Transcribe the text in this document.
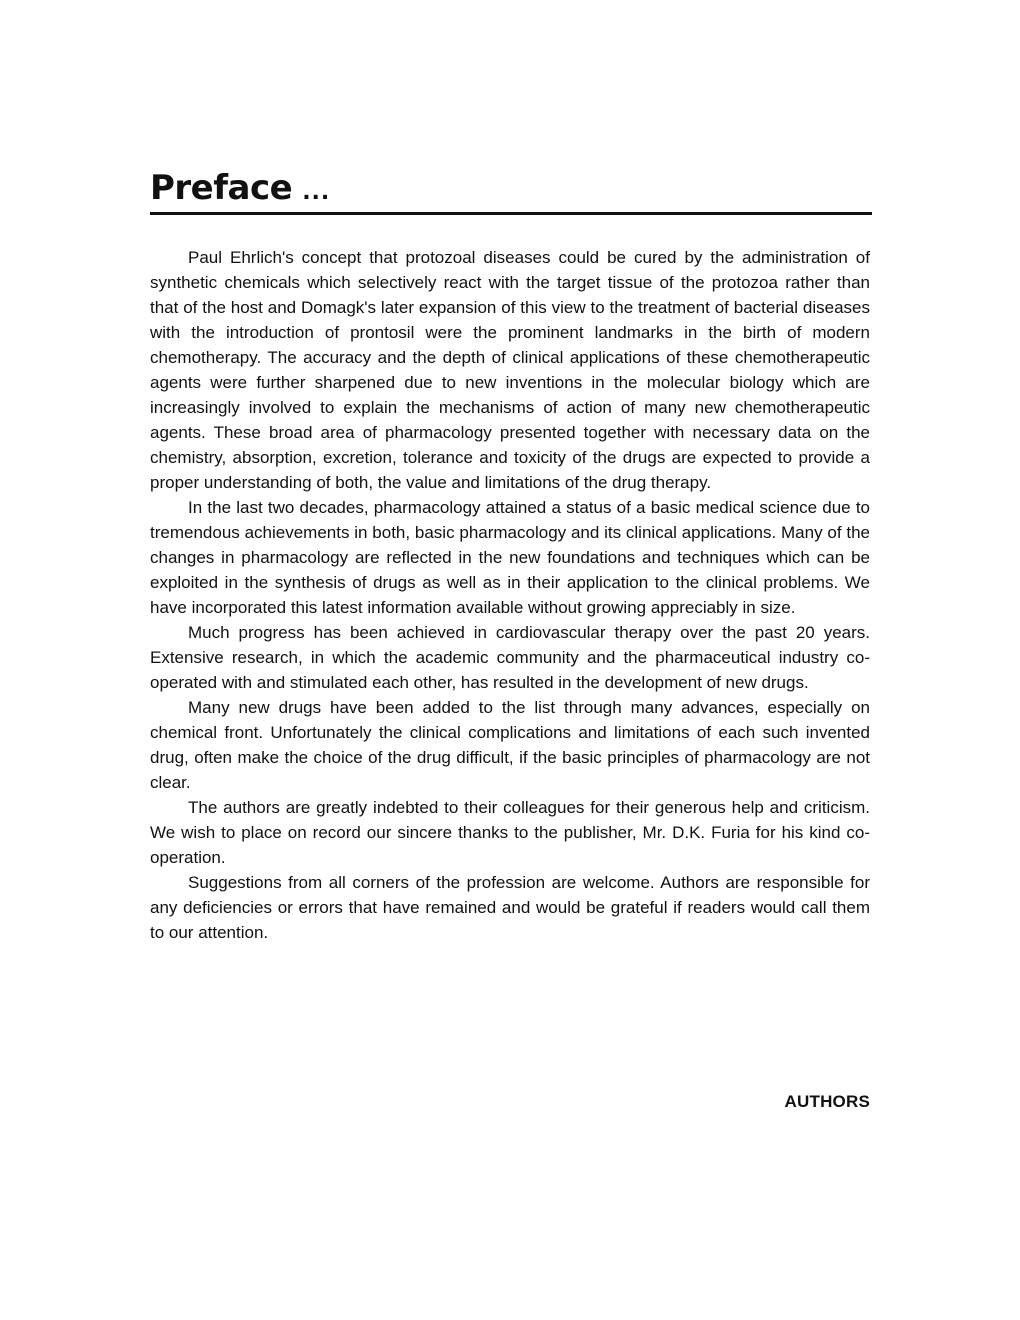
Preface ...

Paul Ehrlich's concept that protozoal diseases could be cured by the administration of synthetic chemicals which selectively react with the target tissue of the protozoa rather than that of the host and Domagk's later expansion of this view to the treatment of bacterial diseases with the introduction of prontosil were the prominent landmarks in the birth of modern chemotherapy. The accuracy and the depth of clinical applications of these chemotherapeutic agents were further sharpened due to new inventions in the molecular biology which are increasingly involved to explain the mechanisms of action of many new chemotherapeutic agents. These broad area of pharmacology presented together with necessary data on the chemistry, absorption, excretion, tolerance and toxicity of the drugs are expected to provide a proper understanding of both, the value and limitations of the drug therapy.

In the last two decades, pharmacology attained a status of a basic medical science due to tremendous achievements in both, basic pharmacology and its clinical applications. Many of the changes in pharmacology are reflected in the new foundations and techniques which can be exploited in the synthesis of drugs as well as in their application to the clinical problems. We have incorporated this latest information available without growing appreciably in size.

Much progress has been achieved in cardiovascular therapy over the past 20 years. Extensive research, in which the academic community and the pharmaceutical industry co-operated with and stimulated each other, has resulted in the development of new drugs.

Many new drugs have been added to the list through many advances, especially on chemical front. Unfortunately the clinical complications and limitations of each such invented drug, often make the choice of the drug difficult, if the basic principles of pharmacology are not clear.

The authors are greatly indebted to their colleagues for their generous help and criticism. We wish to place on record our sincere thanks to the publisher, Mr. D.K. Furia for his kind co-operation.

Suggestions from all corners of the profession are welcome. Authors are responsible for any deficiencies or errors that have remained and would be grateful if readers would call them to our attention.

AUTHORS
